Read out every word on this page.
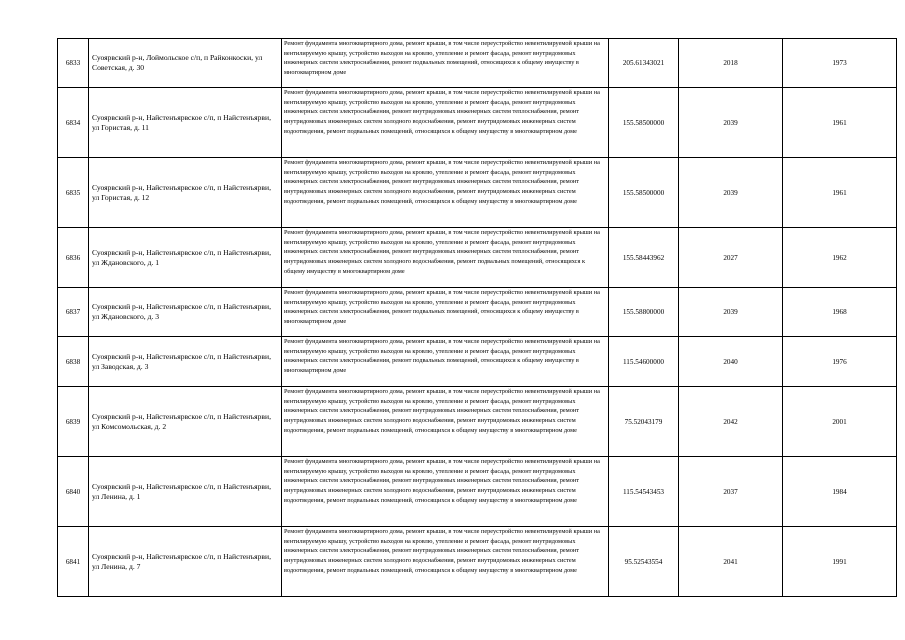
6833	Суоярвский р-н, Лоймольское с/п, п Райконкоски, ул Советская, д. 30	Ремонт фундамента многоквартирного дома, ремонт крыши, в том числе переустройство невентилируемой крыши на вентилируемую крышу, устройство выходов на кровлю, утепление и ремонт фасада, ремонт внутридомовых инженерных систем электроснабжения, ремонт подвальных помещений, относящихся к общему имуществу в многоквартирном доме	205.61343021	2018	1973
6834	Суоярвский р-н, Найстенъярвское с/п, п Найстенъярви, ул Гористая, д. 11	Ремонт фундамента многоквартирного дома, ремонт крыши, в том числе переустройство невентилируемой крыши на вентилируемую крышу, устройство выходов на кровлю, утепление и ремонт фасада, ремонт внутридомовых инженерных систем электроснабжения, ремонт внутридомовых инженерных систем теплоснабжения, ремонт внутридомовых инженерных систем холодного водоснабжения, ремонт внутридомовых инженерных систем водоотведения, ремонт подвальных помещений, относящихся к общему имуществу в многоквартирном доме	155.58500000	2039	1961
6835	Суоярвский р-н, Найстенъярвское с/п, п Найстенъярви, ул Гористая, д. 12	Ремонт фундамента многоквартирного дома, ремонт крыши, в том числе переустройство невентилируемой крыши на вентилируемую крышу, устройство выходов на кровлю, утепление и ремонт фасада, ремонт внутридомовых инженерных систем электроснабжения, ремонт внутридомовых инженерных систем теплоснабжения, ремонт внутридомовых инженерных систем холодного водоснабжения, ремонт внутридомовых инженерных систем водоотведения, ремонт подвальных помещений, относящихся к общему имуществу в многоквартирном доме	155.58500000	2039	1961
6836	Суоярвский р-н, Найстенъярвское с/п, п Найстенъярви, ул Ждановского, д. 1	Ремонт фундамента многоквартирного дома, ремонт крыши, в том числе переустройство невентилируемой крыши на вентилируемую крышу, устройство выходов на кровлю, утепление и ремонт фасада, ремонт внутридомовых инженерных систем электроснабжения, ремонт внутридомовых инженерных систем теплоснабжения, ремонт внутридомовых инженерных систем холодного водоснабжения, ремонт подвальных помещений, относящихся к общему имуществу в многоквартирном доме	155.58443962	2027	1962
6837	Суоярвский р-н, Найстенъярвское с/п, п Найстенъярви, ул Ждановского, д. 3	Ремонт фундамента многоквартирного дома, ремонт крыши, в том числе переустройство невентилируемой крыши на вентилируемую крышу, устройство выходов на кровлю, утепление и ремонт фасада, ремонт внутридомовых инженерных систем электроснабжения, ремонт подвальных помещений, относящихся к общему имуществу в многоквартирном доме	155.58800000	2039	1968
6838	Суоярвский р-н, Найстенъярвское с/п, п Найстенъярви, ул Заводская, д. 3	Ремонт фундамента многоквартирного дома, ремонт крыши, в том числе переустройство невентилируемой крыши на вентилируемую крышу, устройство выходов на кровлю, утепление и ремонт фасада, ремонт внутридомовых инженерных систем электроснабжения, ремонт подвальных помещений, относящихся к общему имуществу в многоквартирном доме	115.54600000	2040	1976
6839	Суоярвский р-н, Найстенъярвское с/п, п Найстенъярви, ул Комсомольская, д. 2	Ремонт фундамента многоквартирного дома, ремонт крыши, в том числе переустройство невентилируемой крыши на вентилируемую крышу, устройство выходов на кровлю, утепление и ремонт фасада, ремонт внутридомовых инженерных систем электроснабжения, ремонт внутридомовых инженерных систем теплоснабжения, ремонт внутридомовых инженерных систем холодного водоснабжения, ремонт внутридомовых инженерных систем водоотведения, ремонт подвальных помещений, относящихся к общему имуществу в многоквартирном доме	75.52043179	2042	2001
6840	Суоярвский р-н, Найстенъярвское с/п, п Найстенъярви, ул Ленина, д. 1	Ремонт фундамента многоквартирного дома, ремонт крыши, в том числе переустройство невентилируемой крыши на вентилируемую крышу, устройство выходов на кровлю, утепление и ремонт фасада, ремонт внутридомовых инженерных систем электроснабжения, ремонт внутридомовых инженерных систем теплоснабжения, ремонт внутридомовых инженерных систем холодного водоснабжения, ремонт внутридомовых инженерных систем водоотведения, ремонт подвальных помещений, относящихся к общему имуществу в многоквартирном доме	115.54543453	2037	1984
6841	Суоярвский р-н, Найстенъярвское с/п, п Найстенъярви, ул Ленина, д. 7	Ремонт фундамента многоквартирного дома, ремонт крыши, в том числе переустройство невентилируемой крыши на вентилируемую крышу, устройство выходов на кровлю, утепление и ремонт фасада, ремонт внутридомовых инженерных систем электроснабжения, ремонт внутридомовых инженерных систем теплоснабжения, ремонт внутридомовых инженерных систем холодного водоснабжения, ремонт внутридомовых инженерных систем водоотведения, ремонт подвальных помещений, относящихся к общему имуществу в многоквартирном доме	95.52543554	2041	1991
